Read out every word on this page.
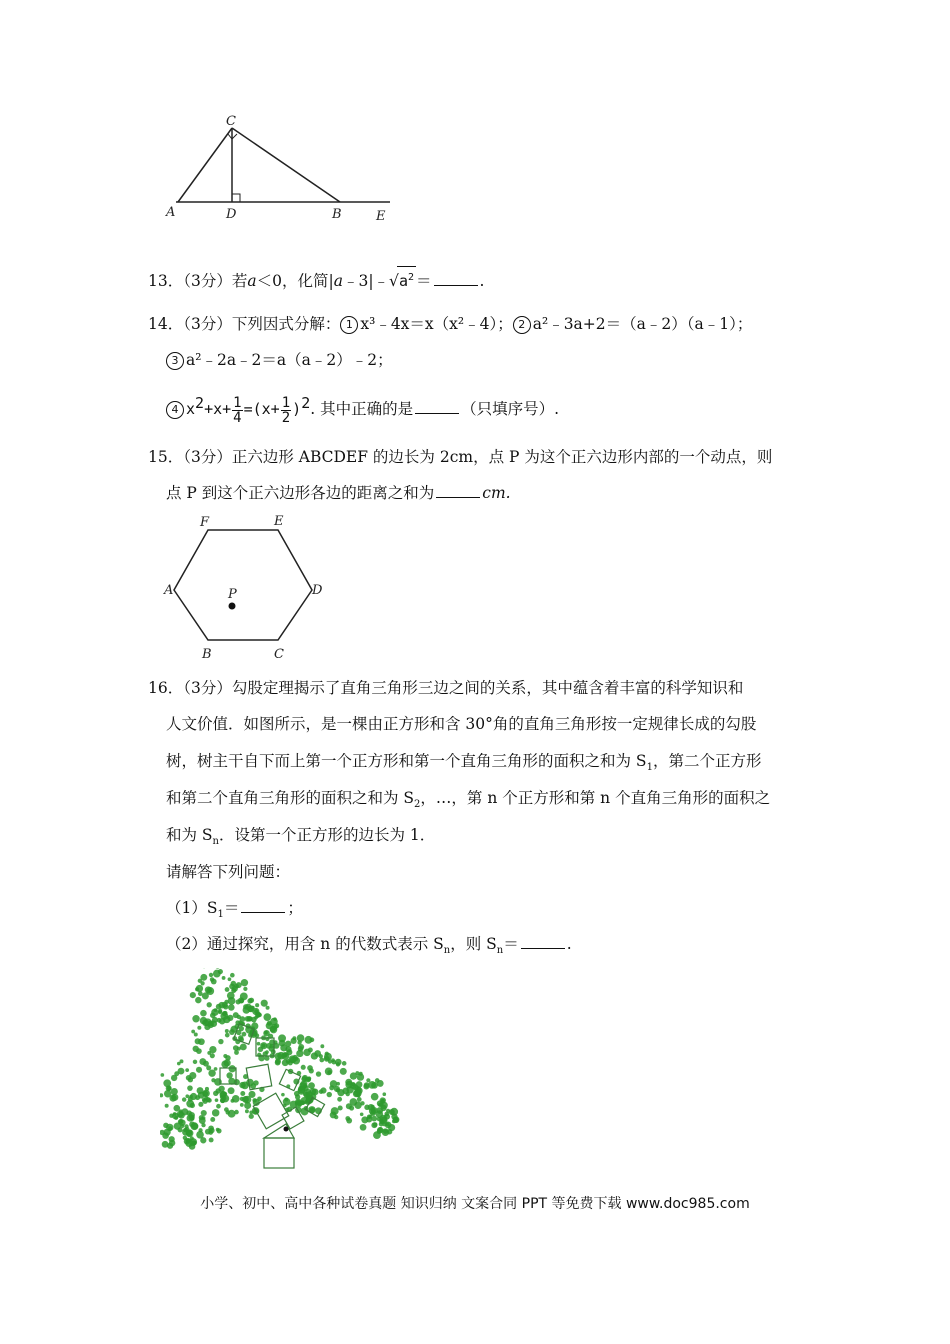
C
A	D	B	E
13．（3分）若a＜0，化简$|a﹣3|﹣√a^2$ ＝	.
14．（3分）下列因式分解： 1 x³﹣4x＝x（x²﹣4）； 2 a²﹣3a+2＝（a﹣2）（a﹣1）；
3 a²﹣2a﹣2＝a（a﹣2）﹣2；
4 $x^2+x+ \frac{1}{4} =(x+ \frac{1}{2} )^2$. 其中正确的是	（只填序号）.
15．（3分）正六边形 ABCDEF 的边长为 2cm，点 P 为这个正六边形内部的一个动点，则
点 P 到这个正六边形各边的距离之和为	cm.
F	E
A	D
P
B	C
16．（3分）勾股定理揭示了直角三角形三边之间的关系，其中蕴含着丰富的科学知识和
人文价值．如图所示，是一棵由正方形和含 30°角的直角三角形按一定规律长成的勾股
树，树主干自下而上第一个正方形和第一个直角三角形的面积之和为 $S_1$，第二个正方形
和第二个直角三角形的面积之和为 $S_2$，…，第 n 个正方形和第 n 个直角三角形的面积之
和为 $S_n$．设第一个正方形的边长为 1．
请解答下列问题：
$(1)S_1=$	；
（2）通过探究，用含 n 的代数式表示 $S_n$，则 $S_n=$	.
小学、初中、高中各种试卷真题 知识归纳 文案合同 PPT 等免费下载 www.doc985.com
